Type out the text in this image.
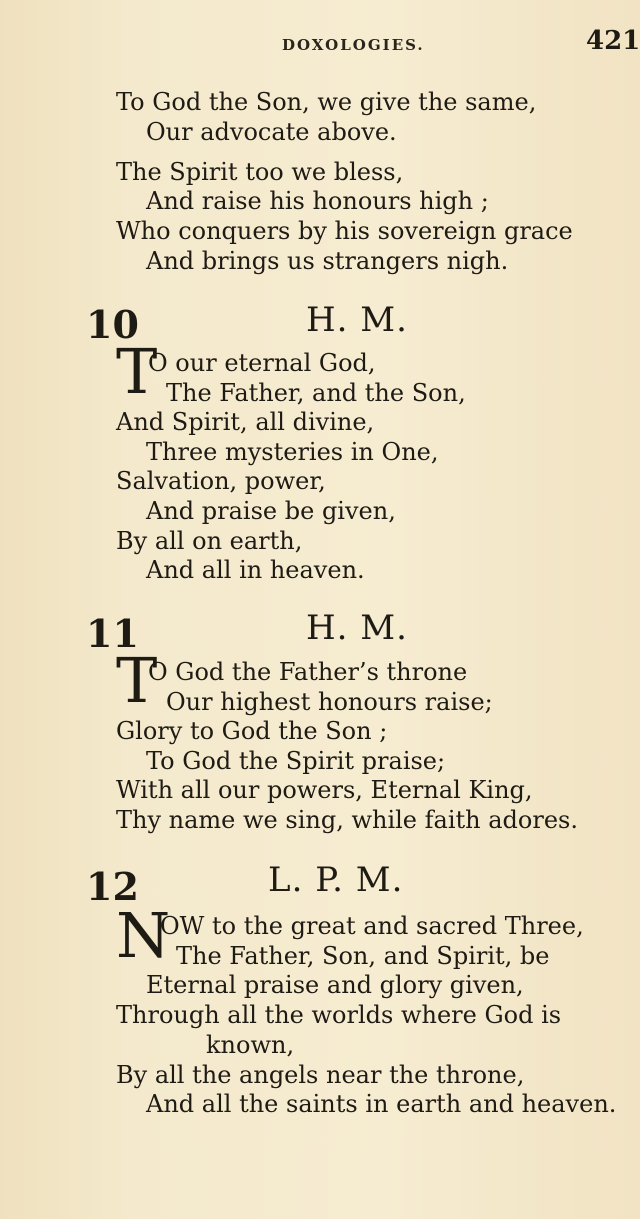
DOXOLOGIES.	421
To God the Son, we give the same,
Our advocate above.
The Spirit too we bless,
And raise his honours high ;
Who conquers by his sovereign grace
And brings us strangers nigh.
10	H. M.
T
O our eternal God,
The Father, and the Son,
And Spirit, all divine,
Three mysteries in One,
Salvation, power,
And praise be given,
By all on earth,
And all in heaven.
11	H. M.
T
O God the Father’s throne
Our highest honours raise;
Glory to God the Son ;
To God the Spirit praise;
With all our powers, Eternal King,
Thy name we sing, while faith adores.
12	L. P. M.
N
OW to the great and sacred Three,
The Father, Son, and Spirit, be
Eternal praise and glory given,
Through all the worlds where God is
known,
By all the angels near the throne,
And all the saints in earth and heaven.
